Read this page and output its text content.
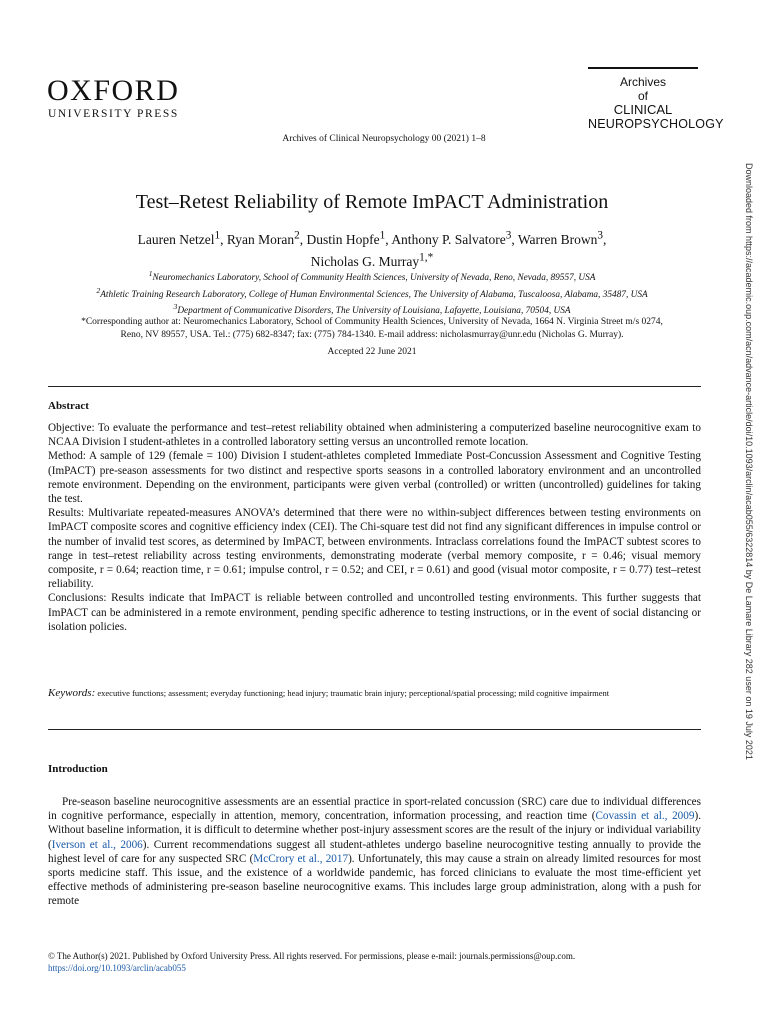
OXFORD
UNIVERSITY PRESS
Archives of Clinical Neuropsychology 00 (2021) 1–8
Archives
of
CLINICAL
NEUROPSYCHOLOGY
Downloaded from https://academic.oup.com/acn/advance-article/doi/10.1093/arclin/acab055/6322814 by De Lamare Library 282 user on 19 July 2021
Test–Retest Reliability of Remote ImPACT Administration
Lauren Netzel$^1$, Ryan Moran$^2$, Dustin Hopfe$^1$, Anthony P. Salvatore$^3$, Warren Brown$^3$,
Nicholas G. Murray$^{1,*}$
$^1$Neuromechanics Laboratory, School of Community Health Sciences, University of Nevada, Reno, Nevada, 89557, USA
$^2$Athletic Training Research Laboratory, College of Human Environmental Sciences, The University of Alabama, Tuscaloosa, Alabama, 35487, USA
$^3$Department of Communicative Disorders, The University of Louisiana, Lafayette, Louisiana, 70504, USA
*Corresponding author at: Neuromechanics Laboratory, School of Community Health Sciences, University of Nevada, 1664 N. Virginia Street m/s 0274,
Reno, NV 89557, USA. Tel.: (775) 682-8347; fax: (775) 784-1340. E-mail address: nicholasmurray@unr.edu (Nicholas G. Murray).
Accepted 22 June 2021
Abstract

Objective: To evaluate the performance and test–retest reliability obtained when administering a computerized baseline neurocognitive exam to NCAA Division I student-athletes in a controlled laboratory setting versus an uncontrolled remote location.

Method: A sample of 129 (female = 100) Division I student-athletes completed Immediate Post-Concussion Assessment and Cognitive Testing (ImPACT) pre-season assessments for two distinct and respective sports seasons in a controlled laboratory environment and an uncontrolled remote environment. Depending on the environment, participants were given verbal (controlled) or written (uncontrolled) guidelines for taking the test.

Results: Multivariate repeated-measures ANOVA’s determined that there were no within-subject differences between testing environments on ImPACT composite scores and cognitive efficiency index (CEI). The Chi-square test did not find any significant differences in impulse control or the number of invalid test scores, as determined by ImPACT, between environments. Intraclass correlations found the ImPACT subtest scores to range in test–retest reliability across testing environments, demonstrating moderate (verbal memory composite, r = 0.46; visual memory composite, r = 0.64; reaction time, r = 0.61; impulse control, r = 0.52; and CEI, r = 0.61) and good (visual motor composite, r = 0.77) test–retest reliability.

Conclusions: Results indicate that ImPACT is reliable between controlled and uncontrolled testing environments. This further suggests that ImPACT can be administered in a remote environment, pending specific adherence to testing instructions, or in the event of social distancing or isolation policies.

Keywords: executive functions; assessment; everyday functioning; head injury; traumatic brain injury; perceptional/spatial processing; mild cognitive impairment
Introduction

Pre-season baseline neurocognitive assessments are an essential practice in sport-related concussion (SRC) care due to individual differences in cognitive performance, especially in attention, memory, concentration, information processing, and reaction time (Covassin et al., 2009). Without baseline information, it is difficult to determine whether post-injury assessment scores are the result of the injury or individual variability (Iverson et al., 2006). Current recommendations suggest all student-athletes undergo baseline neurocognitive testing annually to provide the highest level of care for any suspected SRC (McCrory et al., 2017). Unfortunately, this may cause a strain on already limited resources for most sports medicine staff. This issue, and the existence of a worldwide pandemic, has forced clinicians to evaluate the most time-efficient yet effective methods of administering pre-season baseline neurocognitive exams. This includes large group administration, along with a push for remote

© The Author(s) 2021. Published by Oxford University Press. All rights reserved. For permissions, please e-mail: journals.permissions@oup.com.
https://doi.org/10.1093/arclin/acab055
